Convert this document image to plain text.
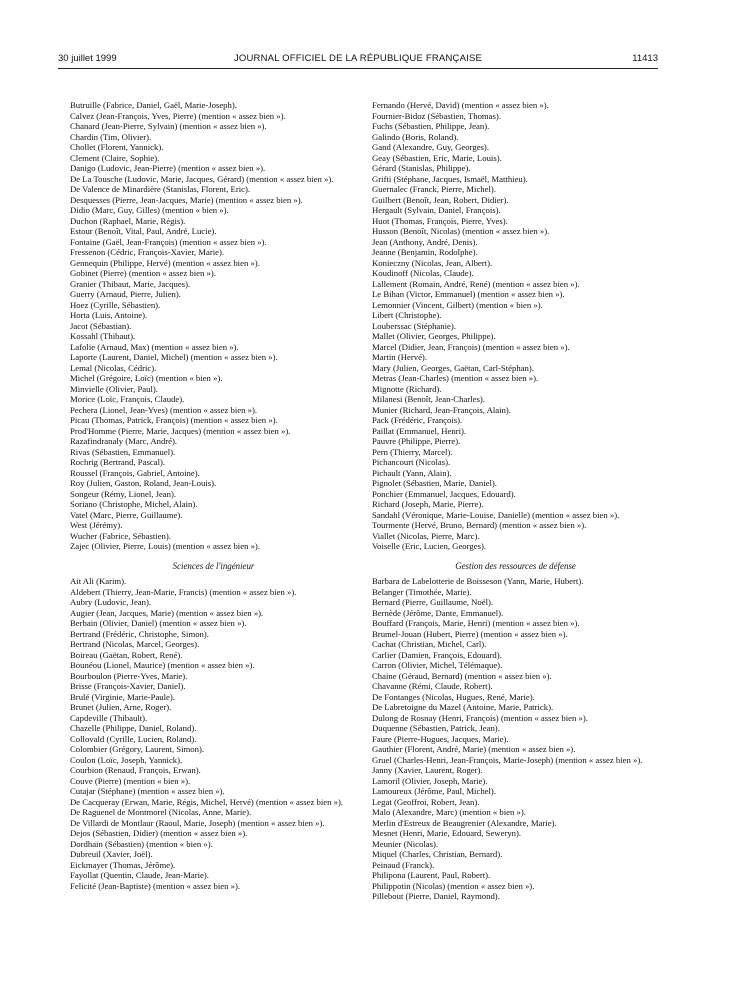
30 juillet 1999	JOURNAL OFFICIEL DE LA RÉPUBLIQUE FRANÇAISE	11413
Butruille (Fabrice, Daniel, Gaël, Marie-Joseph).
Calvez (Jean-François, Yves, Pierre) (mention « assez bien »).
Chanard (Jean-Pierre, Sylvain) (mention « assez bien »).
Chardin (Tim, Olivier).
Chollet (Florent, Yannick).
Clement (Claire, Sophie).
Danigo (Ludovic, Jean-Pierre) (mention « assez bien »).
De La Tousche (Ludovic, Marie, Jacques, Gérard) (mention « assez bien »).
De Valence de Minardière (Stanislas, Florent, Eric).
Desquesses (Pierre, Jean-Jacques, Marie) (mention « assez bien »).
Didio (Marc, Guy, Gilles) (mention « bien »).
Duchon (Raphael, Marie, Régis).
Estour (Benoît, Vital, Paul, André, Lucie).
Fontaine (Gaël, Jean-François) (mention « assez bien »).
Fressenon (Cédric, François-Xavier, Marie).
Gennequin (Philippe, Hervé) (mention « assez bien »).
Gobinet (Pierre) (mention « assez bien »).
Granier (Thibaut, Marie, Jacques).
Guerry (Arnaud, Pierre, Julien).
Hoez (Cyrille, Sébastien).
Horta (Luis, Antoine).
Jacot (Sébastian).
Kossahl (Thibaut).
Lafolie (Arnaud, Max) (mention « assez bien »).
Laporte (Laurent, Daniel, Michel) (mention « assez bien »).
Lemal (Nicolas, Cédric).
Michel (Grégoire, Loïc) (mention « bien »).
Minvielle (Olivier, Paul).
Morice (Loïc, François, Claude).
Pechera (Lionel, Jean-Yves) (mention « assez bien »).
Picau (Thomas, Patrick, François) (mention « assez bien »).
Prod'Homme (Pierre, Marie, Jacques) (mention « assez bien »).
Razafindranaly (Marc, André).
Rivas (Sébastien, Emmanuel).
Rochrig (Bertrand, Pascal).
Roussel (François, Gabriel, Antoine).
Roy (Julien, Gaston, Roland, Jean-Louis).
Songeur (Rémy, Lionel, Jean).
Soriano (Christophe, Michel, Alain).
Vatel (Marc, Pierre, Guillaume).
West (Jérémy).
Wucher (Fabrice, Sébastien).
Zajec (Olivier, Pierre, Louis) (mention « assez bien »).
Sciences de l'ingénieur
Ait Ali (Karim).
Aldebert (Thierry, Jean-Marie, Francis) (mention « assez bien »).
Aubry (Ludovic, Jean).
Augier (Jean, Jacques, Marie) (mention « assez bien »).
Berbain (Olivier, Daniel) (mention « assez bien »).
Bertrand (Frédéric, Christophe, Simon).
Bertrand (Nicolas, Marcel, Georges).
Boireau (Gaëtan, Robert, René).
Bounéou (Lionel, Maurice) (mention « assez bien »).
Bourboulon (Pierre-Yves, Marie).
Brisse (François-Xavier, Daniel).
Brulé (Virginie, Marie-Paule).
Brunet (Julien, Arne, Roger).
Capdeville (Thibault).
Chazelle (Philippe, Daniel, Roland).
Collovald (Cyrille, Lucien, Roland).
Colombier (Grégory, Laurent, Simon).
Coulon (Loïc, Joseph, Yannick).
Courbion (Renaud, François, Erwan).
Couve (Pierre) (mention « bien »).
Cutajar (Stéphane) (mention « assez bien »).
De Cacqueray (Erwan, Marie, Régis, Michel, Hervé) (mention « assez bien »).
De Raguenel de Montmorel (Nicolas, Anne, Marie).
De Villardi de Montlaur (Raoul, Marie, Joseph) (mention « assez bien »).
Dejos (Sébastien, Didier) (mention « assez bien »).
Dordhain (Sébastien) (mention « bien »).
Dubreuil (Xavier, Joël).
Eickmayer (Thomas, Jérôme).
Fayollat (Quentin, Claude, Jean-Marie).
Felicité (Jean-Baptiste) (mention « assez bien »).
Fernando (Hervé, David) (mention « assez bien »).
Fournier-Bidoz (Sébastien, Thomas).
Fuchs (Sébastien, Philippe, Jean).
Galindo (Boris, Roland).
Gand (Alexandre, Guy, Georges).
Geay (Sébastien, Eric, Marie, Louis).
Gérard (Stanislas, Philippe).
Grifti (Stéphane, Jacques, Ismaël, Matthieu).
Guernalec (Franck, Pierre, Michel).
Guilbert (Benoît, Jean, Robert, Didier).
Hergault (Sylvain, Daniel, François).
Huot (Thomas, François, Pierre, Yves).
Husson (Benoît, Nicolas) (mention « assez bien »).
Jean (Anthony, André, Denis).
Jeanne (Benjamin, Rodolphe).
Konieczny (Nicolas, Jean, Albert).
Koudinoff (Nicolas, Claude).
Lallement (Romain, André, René) (mention « assez bien »).
Le Bihan (Victor, Emmanuel) (mention « assez bien »).
Lemonnier (Vincent, Gilbert) (mention « bien »).
Libert (Christophe).
Louberssac (Stéphanie).
Mallet (Olivier, Georges, Philippe).
Marcel (Didier, Jean, François) (mention « assez bien »).
Martin (Hervé).
Mary (Julien, Georges, Gaëtan, Carl-Stéphan).
Metras (Jean-Charles) (mention « assez bien »).
Mignotte (Richard).
Milanesi (Benoît, Jean-Charles).
Munier (Richard, Jean-François, Alain).
Pack (Frédéric, François).
Paillat (Emmanuel, Henri).
Pauvre (Philippe, Pierre).
Pern (Thierry, Marcel).
Pichancourt (Nicolas).
Pichault (Yann, Alain).
Pignolet (Sébastien, Marie, Daniel).
Ponchier (Emmanuel, Jacques, Edouard).
Richard (Joseph, Marie, Pierre).
Sandahl (Véronique, Marie-Louise, Danielle) (mention « assez bien »).
Tourmente (Hervé, Bruno, Bernard) (mention « assez bien »).
Viallet (Nicolas, Pierre, Marc).
Voiselle (Eric, Lucien, Georges).
Gestion des ressources de défense
Barbara de Labelotterie de Boisseson (Yann, Marie, Hubert).
Belanger (Timothée, Marie).
Bernard (Pierre, Guillaume, Noël).
Bernède (Jérôme, Dante, Emmanuel).
Bouffard (François, Marie, Henri) (mention « assez bien »).
Brumel-Jouan (Hubert, Pierre) (mention « assez bien »).
Cachat (Christian, Michel, Carl).
Carlier (Damien, François, Edouard).
Carron (Olivier, Michel, Télémaque).
Chaine (Géraud, Bernard) (mention « assez bien »).
Chavanne (Rémi, Claude, Robert).
De Fontanges (Nicolas, Hugues, René, Marie).
De Labretoigne du Mazel (Antoine, Marie, Patrick).
Dulong de Rosnay (Henri, François) (mention « assez bien »).
Duquenne (Sébastien, Patrick, Jean).
Faure (Pierre-Hugues, Jacques, Marie).
Gauthier (Florent, André, Marie) (mention « assez bien »).
Gruel (Charles-Henri, Jean-François, Marie-Joseph) (mention « assez bien »).
Janny (Xavier, Laurent, Roger).
Lamoril (Olivier, Joseph, Marie).
Lamoureux (Jérôme, Paul, Michel).
Legat (Geoffroi, Robert, Jean).
Malo (Alexandre, Marc) (mention « bien »).
Merlin d'Estreux de Beaugrenier (Alexandre, Marie).
Mesnet (Henri, Marie, Edouard, Seweryn).
Meunier (Nicolas).
Miquel (Charles, Christian, Bernard).
Peinaud (Franck).
Philipona (Laurent, Paul, Robert).
Philippotin (Nicolas) (mention « assez bien »).
Pillebout (Pierre, Daniel, Raymond).
